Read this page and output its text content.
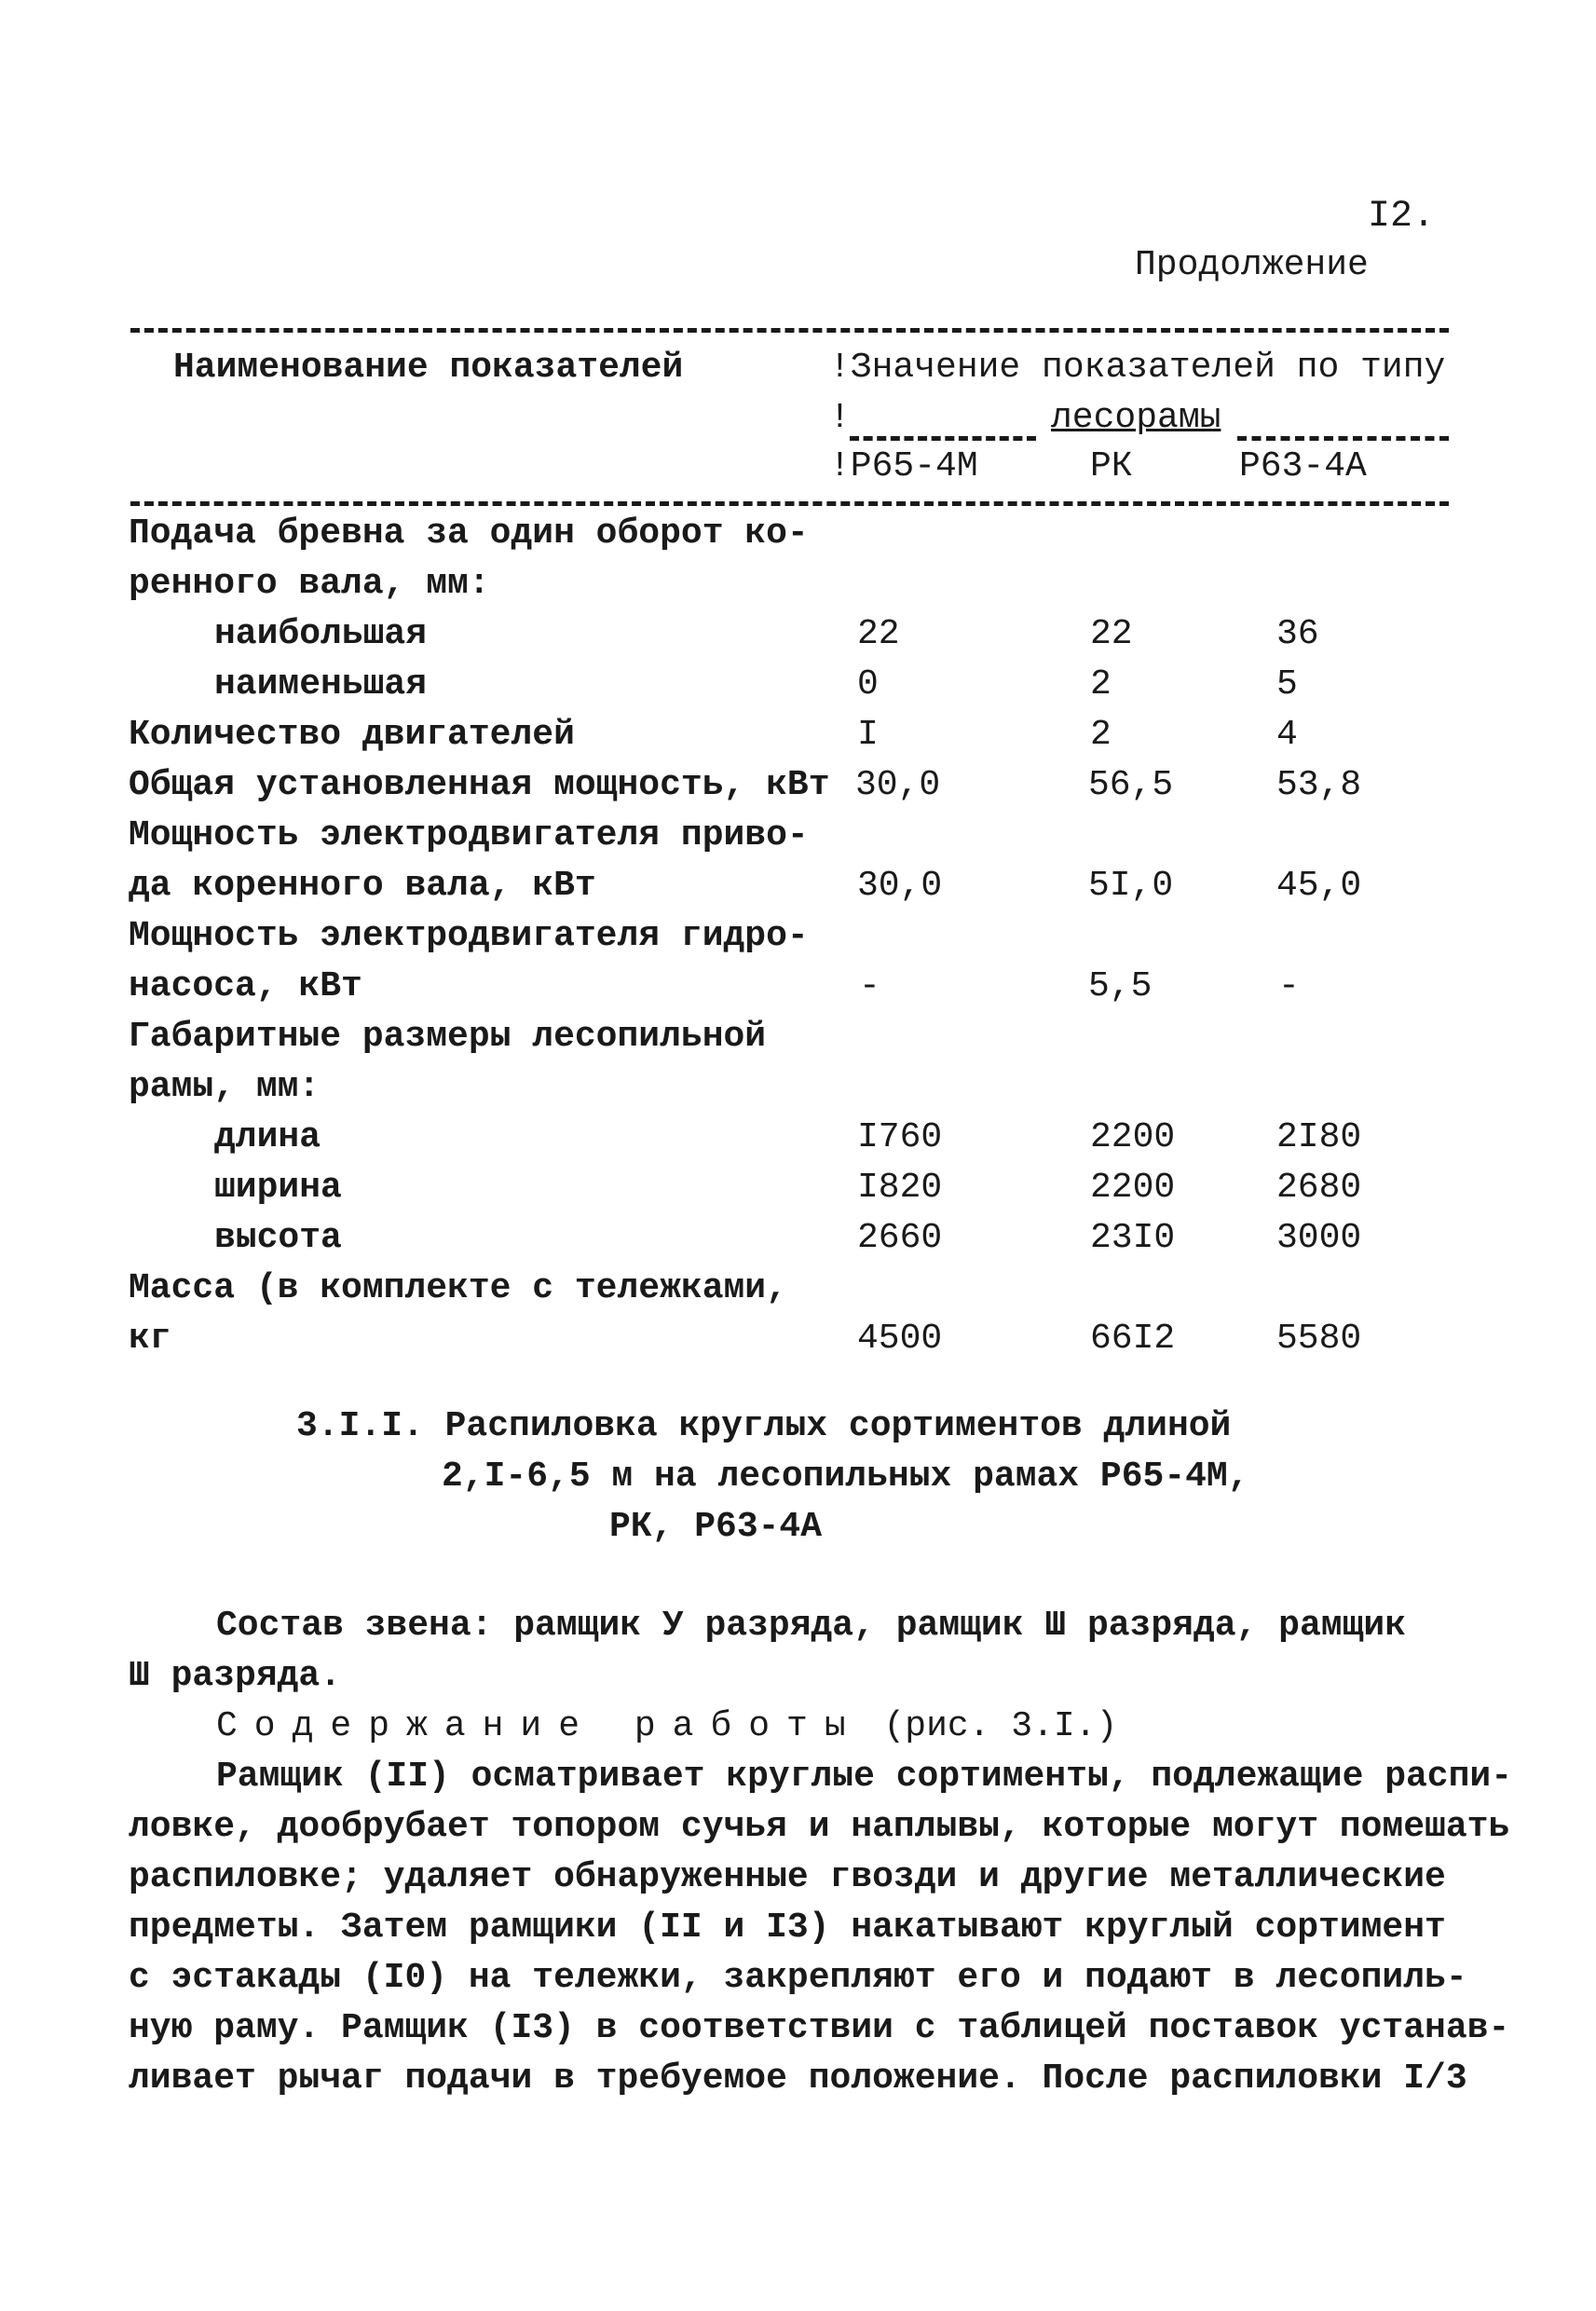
I2.
Продолжение
Наименование показателей	!Значение показателей по типу
!	лесорамы
!Р65-4М	РК	Р63-4А
Подача бревна за один оборот ко-
ренного вала, мм:
наибольшая	22	22	36
наименьшая	0	2	5
Количество двигателей	I	2	4
Общая установленная мощность, кВт 30,0	56,5	53,8
Мощность электродвигателя приво-
да коренного вала, кВт	30,0	5I,0	45,0
Мощность электродвигателя гидро-
насоса, кВт	-	5,5	-
Габаритные размеры лесопильной
рамы, мм:
длина	I760	2200	2I80
ширина	I820	2200	2680
высота	2660	23I0	3000
Масса (в комплекте с тележками,
кг	4500	66I2	5580
3.I.I. Распиловка круглых сортиментов длиной
2,I-6,5 м на лесопильных рамах Р65-4М,
РК, Р63-4А
Состав звена: рамщик У разряда, рамщик Ш разряда, рамщик
Ш разряда.
Содержание работы (рис. 3.I.)
Рамщик (II) осматривает круглые сортименты, подлежащие распи-
ловке, дообрубает топором сучья и наплывы, которые могут помешать
распиловке; удаляет обнаруженные гвозди и другие металлические
предметы. Затем рамщики (II и I3) накатывают круглый сортимент
с эстакады (I0) на тележки, закрепляют его и подают в лесопиль-
ную раму. Рамщик (I3) в соответствии с таблицей поставок устанав-
ливает рычаг подачи в требуемое положение. После распиловки I/3
